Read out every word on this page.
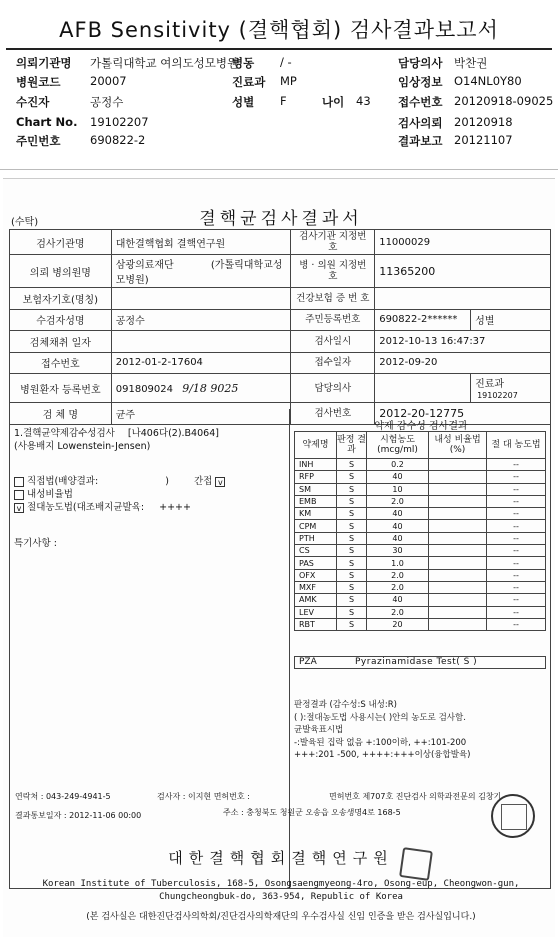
AFB Sensitivity (결핵협회) 검사결과보고서
의뢰기관명 가톨릭대학교 여의도성모병원
병동 / -	담당의사 박찬권
병원코드	20007	진료과 MP	임상정보 O14NL0Y80
수진자	공정수	성별 F	나이 43 접수번호 20120918-09025
Chart No. 19102207	검사의뢰 20120918
주민번호	690822-2	결과보고 20121107
(수탁)	결핵균검사결과서
검사기관명	대한결핵협회 결핵연구원	검사기관 지정번호	11000029	
의뢰 병의원명	삼광의료재단 (가톨릭대학교성모병원)	병 · 의원 지정번호	11365200	
보험자기호(명칭)		건강보험 증 번 호		
수검자성명	공정수	주민등록번호	690822-2******	성별
검체채취 일자		검사일시	2012-10-13 16:47:37	
접수번호	2012-01-2-17604	접수일자	2012-09-20	
병원환자 등록번호	091809024 9/18 9025	담당의사		진료과 19102207
검 체 명	균주	검사번호	2012-20-12775	
1.결핵균약제감수성검사 [나406다(2).B4064]
(사용배지 Lowenstein-Jensen)
직접법(배양결과:	)	간접 v
내성비율법
v 절대농도법(대조배지균발육: ++++
특기사항 :
약제 감수성 검사결과
약제명	판정 결과	시험농도 (mcg/ml)	내성 비율법(%)	절 대 농도법
INH	S	0.2		--
RFP	S	40		--
SM	S	10		--
EMB	S	2.0		--
KM	S	40		--
CPM	S	40		--
PTH	S	40		--
CS	S	30		--
PAS	S	1.0		--
OFX	S	2.0		--
MXF	S	2.0		--
AMK	S	40		--
LEV	S	2.0		--
RBT	S	20		--
PZA	Pyrazinamidase Test( S )
판정결과 (감수성:S 내성:R)
( ):절대농도법 사용시는( )안의 농도로 검사함.
균발육표시법
-:발육된 집락 없음 +:100이하, ++:101-200
+++:201 -500, ++++:+++이상(융합발육)
연락처 : 043-249-4941-5	검사자 : 이지현 면허번호 :	면허번호 제707호 진단검사 의학과전문의 김창기
결과통보일자 : 2012-11-06 00:00	주소 : 충청북도 청원군 오송읍 오송생명4로 168-5
대한결핵협회결핵연구원
Korean Institute of Tuberculosis, 168-5, Osongsaengmyeong-4ro, Osong-eup, Cheongwon-gun,
Chungcheongbuk-do, 363-954, Republic of Korea
(본 검사실은 대한진단검사의학회/진단검사의학재단의 우수검사실 신임 인증을 받은 검사실입니다.)
